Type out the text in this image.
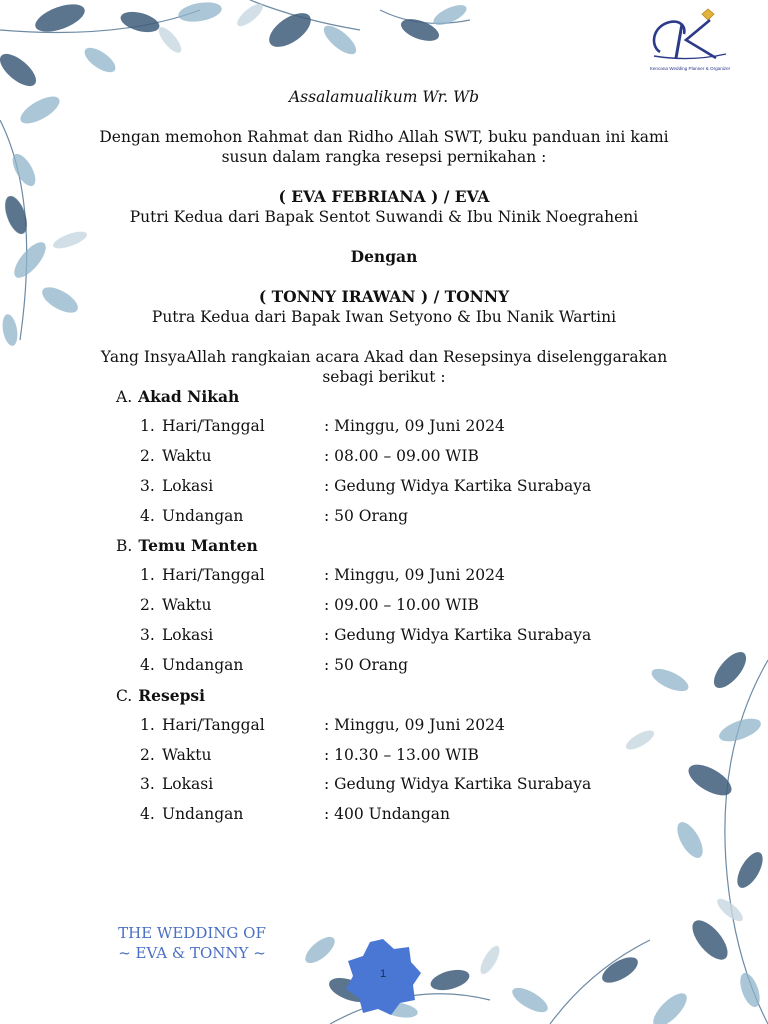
Kencana Wedding Planner & Organizer
Assalamualikum Wr. Wb
Dengan memohon Rahmat dan Ridho Allah SWT, buku panduan ini kami
susun dalam rangka resepsi pernikahan :
( EVA FEBRIANA ) / EVA
Putri Kedua dari Bapak Sentot Suwandi & Ibu Ninik Noegraheni
Dengan
( TONNY IRAWAN ) / TONNY
Putra Kedua dari Bapak Iwan Setyono & Ibu Nanik Wartini
Yang InsyaAllah rangkaian acara Akad dan Resepsinya diselenggarakan
sebagi berikut :
A. Akad Nikah
1. Hari/Tanggal	: Minggu, 09 Juni 2024
2. Waktu	: 08.00 – 09.00 WIB
3. Lokasi	: Gedung Widya Kartika Surabaya
4. Undangan	: 50 Orang
B. Temu Manten
1. Hari/Tanggal	: Minggu, 09 Juni 2024
2. Waktu	: 09.00 – 10.00 WIB
3. Lokasi	: Gedung Widya Kartika Surabaya
4. Undangan	: 50 Orang
C. Resepsi
1. Hari/Tanggal	: Minggu, 09 Juni 2024
2. Waktu	: 10.30 – 13.00 WIB
3. Lokasi	: Gedung Widya Kartika Surabaya
4. Undangan	: 400 Undangan
THE WEDDING OF
~ EVA & TONNY ~
1
